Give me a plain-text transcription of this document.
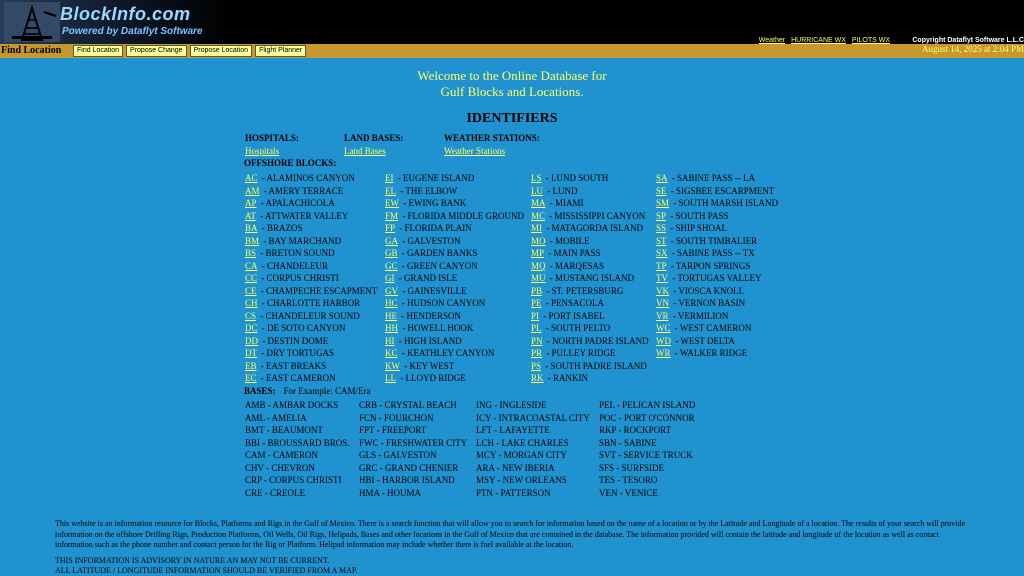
BlockInfo.com
Powered by Dataflyt Software
Weather HURRICANE WX PILOTS WX	Copyright Dataflyt Software L.L.C
Find Location	Find Location	Propose Change	Propose Location	Flight Planner	August 14, 2025 at 2:04 PM
Welcome to the Online Database for
Gulf Blocks and Locations.
IDENTIFIERS
HOSPITALS:
Hospitals
LAND BASES:
Land Bases
WEATHER STATIONS:
Weather Stations
OFFSHORE BLOCKS:
AC - ALAMINOS CANYON
AM - AMERY TERRACE
AP - APALACHICOLA
AT - ATTWATER VALLEY
BA - BRAZOS
BM - BAY MARCHAND
BS - BRETON SOUND
CA - CHANDELEUR
CC - CORPUS CHRISTI
CE - CHAMPECHE ESCAPMENT
CH - CHARLOTTE HARBOR
CS - CHANDELEUR SOUND
DC - DE SOTO CANYON
DD - DESTIN DOME
DT - DRY TORTUGAS
EB - EAST BREAKS
EC - EAST CAMERON
EI - EUGENE ISLAND
EL - THE ELBOW
EW - EWING BANK
FM - FLORIDA MIDDLE GROUND
FP - FLORIDA PLAIN
GA - GALVESTON
GB - GARDEN BANKS
GC - GREEN CANYON
GI - GRAND ISLE
GV - GAINESVILLE
HC - HUDSON CANYON
HE - HENDERSON
HH - HOWELL HOOK
HI - HIGH ISLAND
KC - KEATHLEY CANYON
KW - KEY WEST
LL - LLOYD RIDGE
LS - LUND SOUTH
LU - LUND
MA - MIAMI
MC - MISSISSIPPI CANYON
MI - MATAGORDA ISLAND
MO - MOBILE
MP - MAIN PASS
MQ - MARQESAS
MU - MUSTANG ISLAND
PB - ST. PETERSBURG
PE - PENSACOLA
PI - PORT ISABEL
PL - SOUTH PELTO
PN - NORTH PADRE ISLAND
PR - PULLEY RIDGE
PS - SOUTH PADRE ISLAND
RK - RANKIN
SA - SABINE PASS -- LA
SE - SIGSBEE ESCARPMENT
SM - SOUTH MARSH ISLAND
SP - SOUTH PASS
SS - SHIP SHOAL
ST - SOUTH TIMBALIER
SX - SABINE PASS -- TX
TP - TARPON SPRINGS
TV - TORTUGAS VALLEY
VK - VIOSCA KNOLL
VN - VERNON BASIN
VR - VERMILION
WC - WEST CAMERON
WD - WEST DELTA
WR - WALKER RIDGE
BASES: For Example: CAM/Era
AMB - AMBAR DOCKS
AML - AMELIA
BMT - BEAUMONT
BBI - BROUSSARD BROS.
CAM - CAMERON
CHV - CHEVRON
CRP - CORPUS CHRISTI
CRE - CREOLE
CRB - CRYSTAL BEACH
FCN - FOURCHON
FPT - FREEPORT
FWC - FRESHWATER CITY
GLS - GALVESTON
GRC - GRAND CHENIER
HBI - HARBOR ISLAND
HMA - HOUMA
ING - INGLESIDE
ICY - INTRACOASTAL CITY
LFT - LAFAYETTE
LCH - LAKE CHARLES
MCY - MORGAN CITY
ARA - NEW IBERIA
MSY - NEW ORLEANS
PTN - PATTERSON
PEL - PELICAN ISLAND
POC - PORT O'CONNOR
RKP - ROCKPORT
SBN - SABINE
SVT - SERVICE TRUCK
SFS - SURFSIDE
TES - TESORO
VEN - VENICE
This website is an information resource for Blocks, Platforms and Rigs in the Gulf of Mexico. There is a search function that will allow you to search for information based on the name of a location or by the Latitude and Longitude of a location. The results of your search will provide information on the offshore Drilling Rigs, Production Platforms, Oil Wells, Oil Rigs, Helipads, Bases and other locations in the Gulf of Mexico that are contained in the database. The information provided will contain the latitude and longitude of the location as well as contact information such as the phone number and contact person for the Rig or Platform. Helipad information may include whether there is fuel available at the location.
THIS INFORMATION IS ADVISORY IN NATURE AN MAY NOT BE CURRENT.
ALL LATITUDE / LONGITUDE INFORMATION SHOULD BE VERIFIED FROM A MAP.
